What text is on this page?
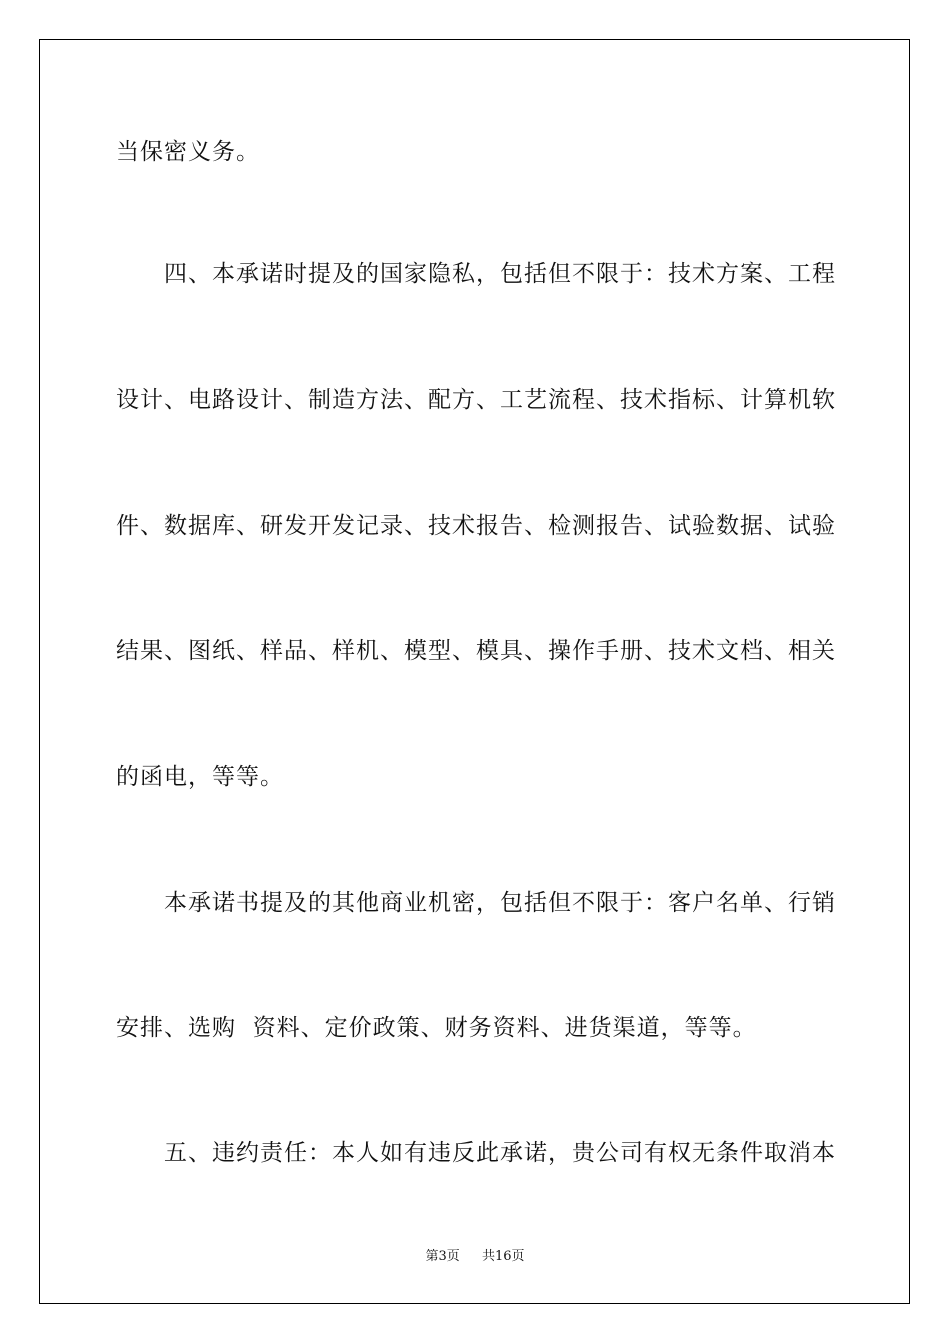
当保密义务。
四、本承诺时提及的国家隐私，包括但不限于：技术方案、工程
设计、电路设计、制造方法、配方、工艺流程、技术指标、计算机软
件、数据库、研发开发记录、技术报告、检测报告、试验数据、试验
结果、图纸、样品、样机、模型、模具、操作手册、技术文档、相关
的函电，等等。
本承诺书提及的其他商业机密，包括但不限于：客户名单、行销
安排、选购  资料、定价政策、财务资料、进货渠道，等等。
五、违约责任：本人如有违反此承诺，贵公司有权无条件取消本
第3页 共16页
